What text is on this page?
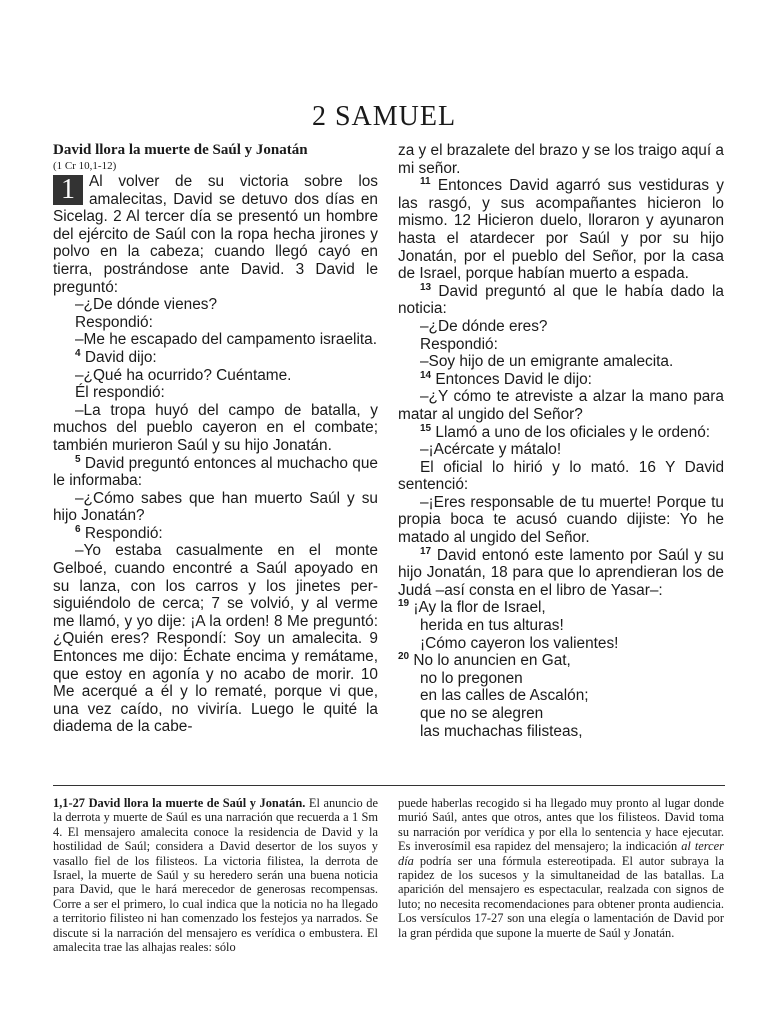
2 SAMUEL

David llora la muerte de Saúl y Jonatán

(1 Cr 10,1-12)

1 Al volver de su victoria sobre los amalecitas, David se detuvo dos días en Sicelag. 2 Al tercer día se presentó un hombre del ejército de Saúl con la ropa hecha jirones y polvo en la cabeza; cuando llegó cayó en tierra, postrándose ante David. 3 David le preguntó:

–¿De dónde vienes?

Respondió:

–Me he escapado del campamento israelita.

$^4$ David dijo:

–¿Qué ha ocurrido? Cuéntame.

Él respondió:

–La tropa huyó del campo de batalla, y muchos del pueblo cayeron en el combate; también murieron Saúl y su hijo Jonatán.

$^5$ David preguntó entonces al muchacho que le informaba:

–¿Cómo sabes que han muerto Saúl y su hijo Jonatán?

$^6$ Respondió:

–Yo estaba casualmente en el monte Gelboé, cuando encontré a Saúl apoyado en su lanza, con los carros y los jinetes persiguiéndolo de cerca; 7 se volvió, y al verme me llamó, y yo dije: ¡A la orden! 8 Me preguntó: ¿Quién eres? Respondí: Soy un amalecita. 9 Entonces me dijo: Échate encima y remátame, que estoy en agonía y no acabo de morir. 10 Me acerqué a él y lo rematé, porque vi que, una vez caído, no viviría. Luego le quité la diadema de la cabe-

za y el brazalete del brazo y se los traigo aquí a mi señor.

$^{11}$ Entonces David agarró sus vestiduras y las rasgó, y sus acompañantes hicieron lo mismo. 12 Hicieron duelo, lloraron y ayunaron hasta el atardecer por Saúl y por su hijo Jonatán, por el pueblo del Señor, por la casa de Israel, porque habían muerto a espada.

$^{13}$ David preguntó al que le había dado la noticia:

–¿De dónde eres?

Respondió:

–Soy hijo de un emigrante amalecita.

$^{14}$ Entonces David le dijo:

–¿Y cómo te atreviste a alzar la mano para matar al ungido del Señor?

$^{15}$ Llamó a uno de los oficiales y le ordenó:

–¡Acércate y mátalo!

El oficial lo hirió y lo mató. 16 Y David sentenció:

–¡Eres responsable de tu muerte! Porque tu propia boca te acusó cuando dijiste: Yo he matado al ungido del Señor.

$^{17}$ David entonó este lamento por Saúl y su hijo Jonatán, 18 para que lo aprendieran los de Judá –así consta en el libro de Yasar–:

$^{19}$ ¡Ay la flor de Israel,

herida en tus alturas!

¡Cómo cayeron los valientes!

$^{20}$ No lo anuncien en Gat,

no lo pregonen

en las calles de Ascalón;

que no se alegren

las muchachas filisteas,

1,1-27 David llora la muerte de Saúl y Jonatán. El anuncio de la derrota y muerte de Saúl es una narración que recuerda a 1 Sm 4. El mensajero amalecita conoce la residencia de David y la hostilidad de Saúl; considera a David desertor de los suyos y vasallo fiel de los filisteos. La victoria filistea, la derrota de Israel, la muerte de Saúl y su heredero serán una buena noticia para David, que le hará merecedor de generosas recompensas. Corre a ser el primero, lo cual indica que la noticia no ha llegado a territorio filisteo ni han comenzado los festejos ya narrados. Se discute si la narración del mensajero es verídica o embustera. El amalecita trae las alhajas reales: sólo

puede haberlas recogido si ha llegado muy pronto al lugar donde murió Saúl, antes que otros, antes que los filisteos. David toma su narración por verídica y por ella lo sentencia y hace ejecutar. Es inverosímil esa rapidez del mensajero; la indicación al tercer día podría ser una fórmula estereotipada. El autor subraya la rapidez de los sucesos y la simultaneidad de las batallas. La aparición del mensajero es espectacular, realzada con signos de luto; no necesita recomendaciones para obtener pronta audiencia. Los versículos 17-27 son una elegía o lamentación de David por la gran pérdida que supone la muerte de Saúl y Jonatán.
